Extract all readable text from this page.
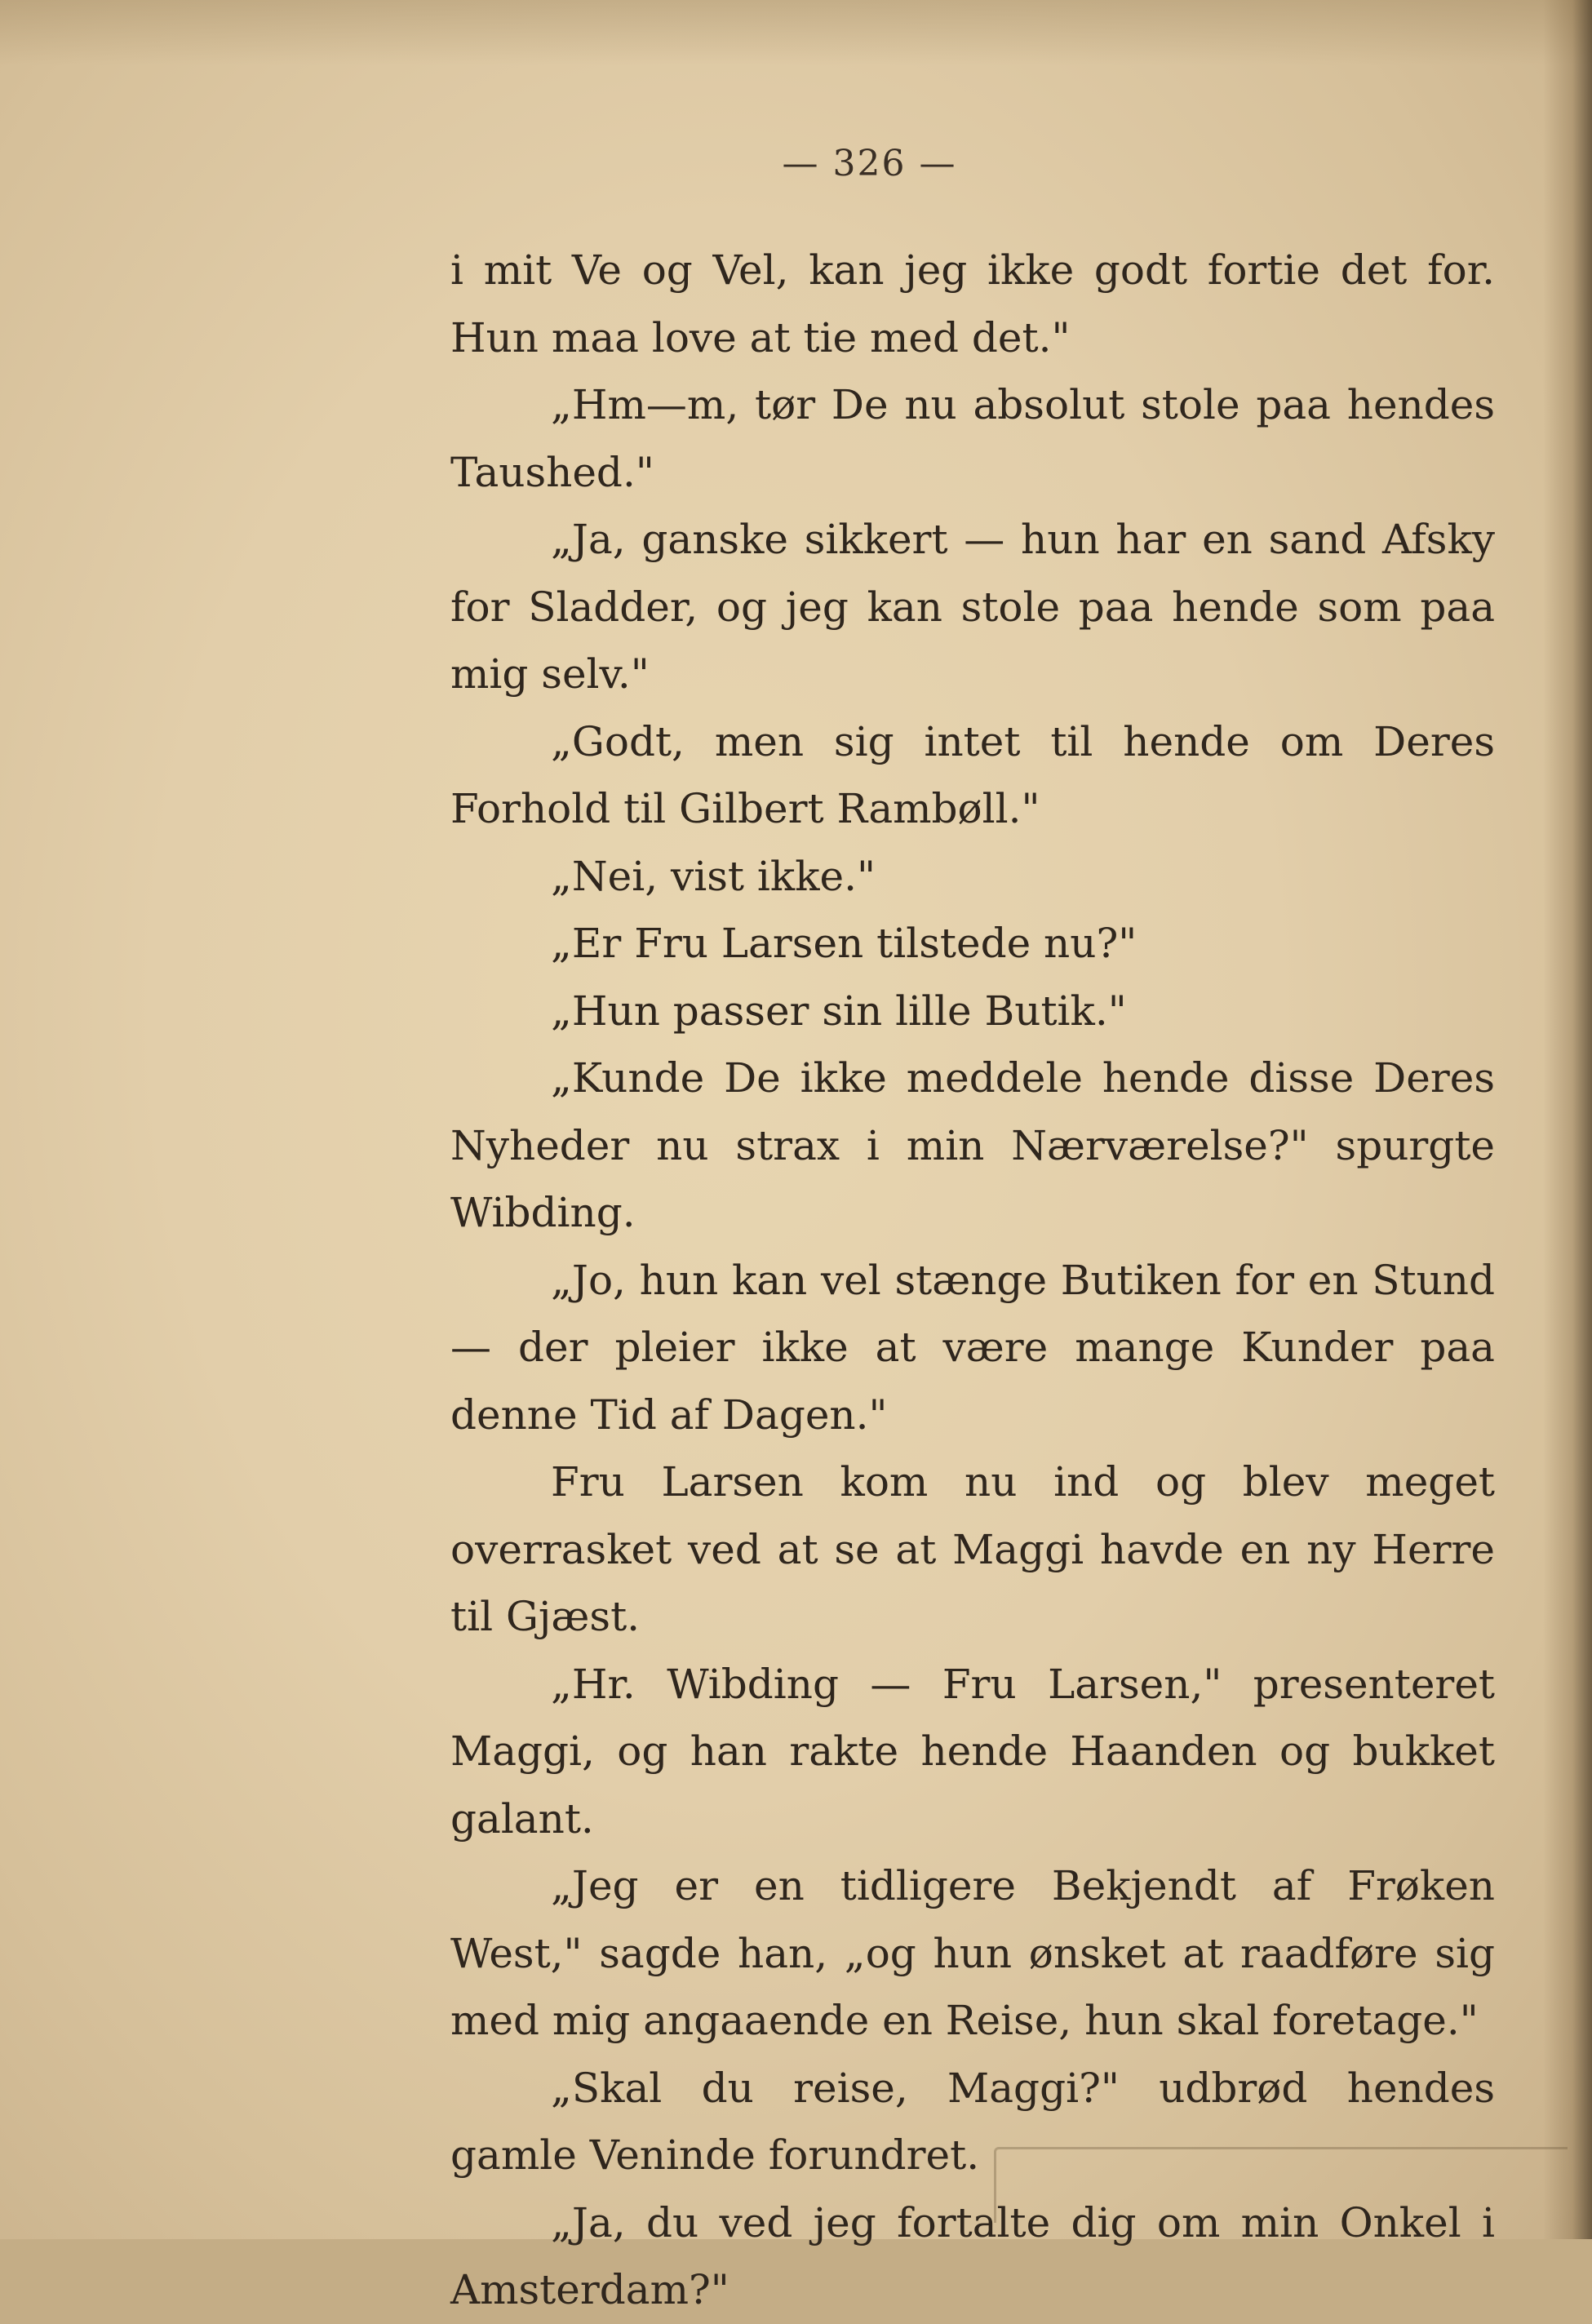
— 326 —

i mit Ve og Vel, kan jeg ikke godt fortie det for. Hun maa love at tie med det."

„Hm—m, tør De nu absolut stole paa hendes Taushed."

„Ja, ganske sikkert — hun har en sand Afsky for Sladder, og jeg kan stole paa hende som paa mig selv."

„Godt, men sig intet til hende om Deres Forhold til Gilbert Rambøll."

„Nei, vist ikke."

„Er Fru Larsen tilstede nu?"

„Hun passer sin lille Butik."

„Kunde De ikke meddele hende disse Deres Nyheder nu strax i min Nærværelse?" spurgte Wibding.

„Jo, hun kan vel stænge Butiken for en Stund — der pleier ikke at være mange Kunder paa denne Tid af Dagen."

Fru Larsen kom nu ind og blev meget overrasket ved at se at Maggi havde en ny Herre til Gjæst.

„Hr. Wibding — Fru Larsen," presenteret Maggi, og han rakte hende Haanden og bukket galant.

„Jeg er en tidligere Bekjendt af Frøken West," sagde han, „og hun ønsket at raadføre sig med mig angaaende en Reise, hun skal foretage."

„Skal du reise, Maggi?" udbrød hendes gamle Veninde forundret.

„Ja, du ved jeg fortalte dig om min Onkel i Amsterdam?"
